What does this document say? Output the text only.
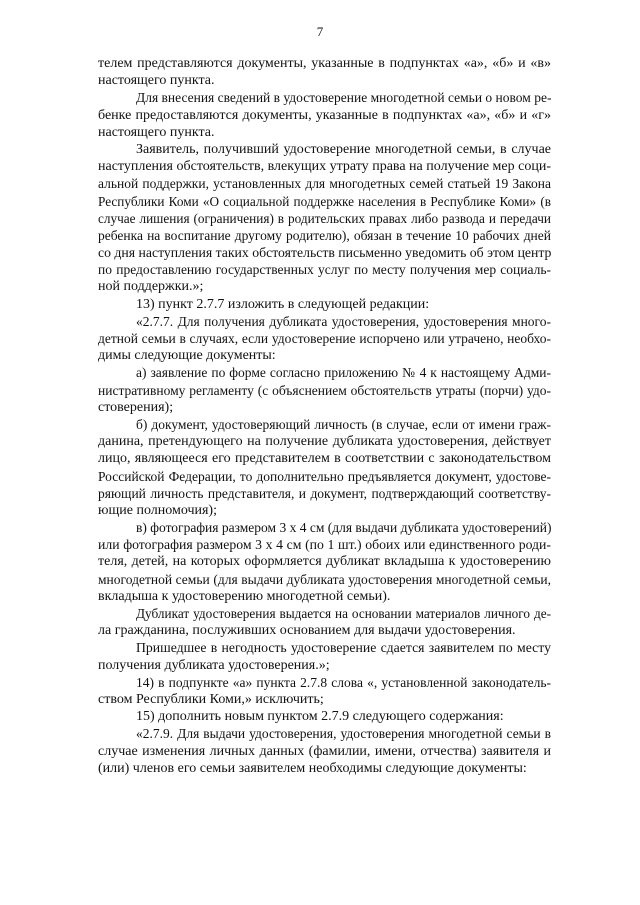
7
телем представляются документы, указанные в подпунктах «а», «б» и «в»
настоящего пункта.
Для внесения сведений в удостоверение многодетной семьи о новом ре-
бенке предоставляются документы, указанные в подпунктах «а», «б» и «г»
настоящего пункта.
Заявитель, получивший удостоверение многодетной семьи, в случае
наступления обстоятельств, влекущих утрату права на получение мер соци-
альной поддержки, установленных для многодетных семей статьей 19 Закона
Республики Коми «О социальной поддержке населения в Республике Коми» (в
случае лишения (ограничения) в родительских правах либо развода и передачи
ребенка на воспитание другому родителю), обязан в течение 10 рабочих дней
со дня наступления таких обстоятельств письменно уведомить об этом центр
по предоставлению государственных услуг по месту получения мер социаль-
ной поддержки.»;
13) пункт 2.7.7 изложить в следующей редакции:
«2.7.7. Для получения дубликата удостоверения, удостоверения много-
детной семьи в случаях, если удостоверение испорчено или утрачено, необхо-
димы следующие документы:
а) заявление по форме согласно приложению № 4 к настоящему Адми-
нистративному регламенту (с объяснением обстоятельств утраты (порчи) удо-
стоверения);
б) документ, удостоверяющий личность (в случае, если от имени граж-
данина, претендующего на получение дубликата удостоверения, действует
лицо, являющееся его представителем в соответствии с законодательством
Российской Федерации, то дополнительно предъявляется документ, удостове-
ряющий личность представителя, и документ, подтверждающий соответству-
ющие полномочия);
в) фотография размером 3 х 4 см (для выдачи дубликата удостоверений)
или фотография размером 3 х 4 см (по 1 шт.) обоих или единственного роди-
теля, детей, на которых оформляется дубликат вкладыша к удостоверению
многодетной семьи (для выдачи дубликата удостоверения многодетной семьи,
вкладыша к удостоверению многодетной семьи).
Дубликат удостоверения выдается на основании материалов личного де-
ла гражданина, послуживших основанием для выдачи удостоверения.
Пришедшее в негодность удостоверение сдается заявителем по месту
получения дубликата удостоверения.»;
14) в подпункте «а» пункта 2.7.8 слова «, установленной законодатель-
ством Республики Коми,» исключить;
15) дополнить новым пунктом 2.7.9 следующего содержания:
«2.7.9. Для выдачи удостоверения, удостоверения многодетной семьи в
случае изменения личных данных (фамилии, имени, отчества) заявителя и
(или) членов его семьи заявителем необходимы следующие документы:
